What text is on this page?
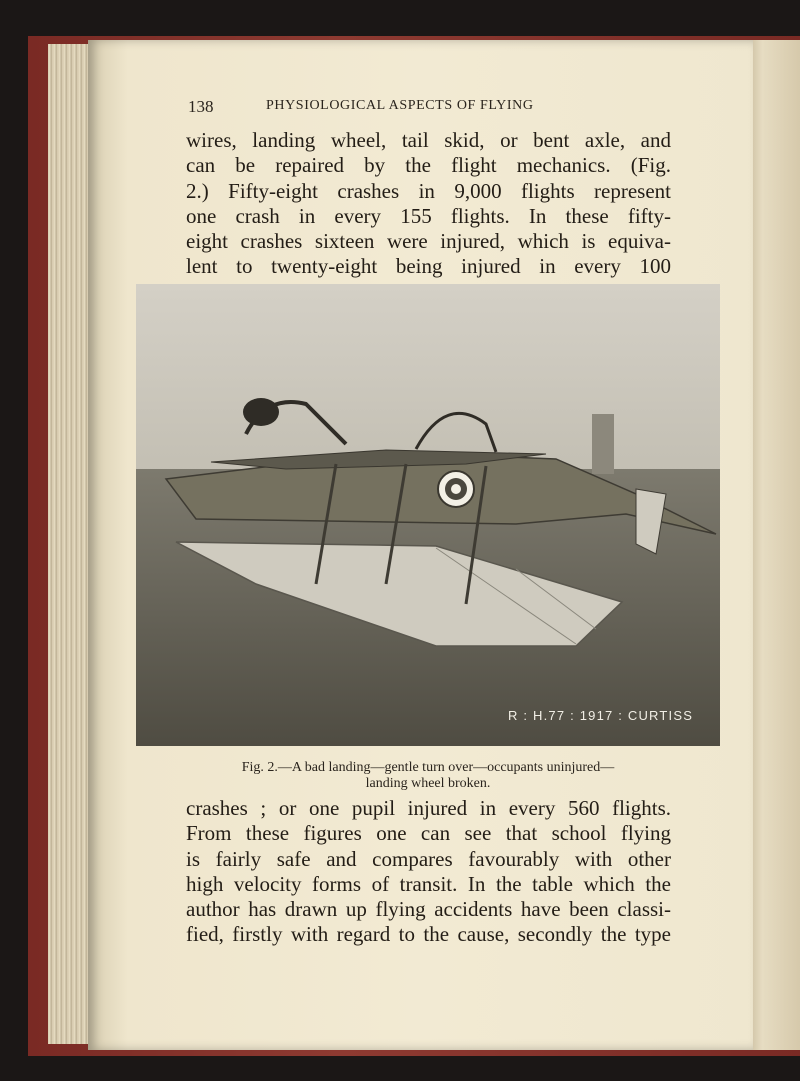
138	PHYSIOLOGICAL ASPECTS OF FLYING
wires, landing wheel, tail skid, or bent axle, and
can be repaired by the flight mechanics. (Fig.
2.) Fifty-eight crashes in 9,000 flights represent
one crash in every 155 flights. In these fifty-
eight crashes sixteen were injured, which is equiva-
lent to twenty-eight being injured in every 100
R : H.77 : 1917 : CURTISS
Fig. 2.—A bad landing—gentle turn over—occupants uninjured—
landing wheel broken.
crashes ; or one pupil injured in every 560 flights.
From these figures one can see that school flying
is fairly safe and compares favourably with other
high velocity forms of transit. In the table which the
author has drawn up flying accidents have been classi-
fied, firstly with regard to the cause, secondly the type
